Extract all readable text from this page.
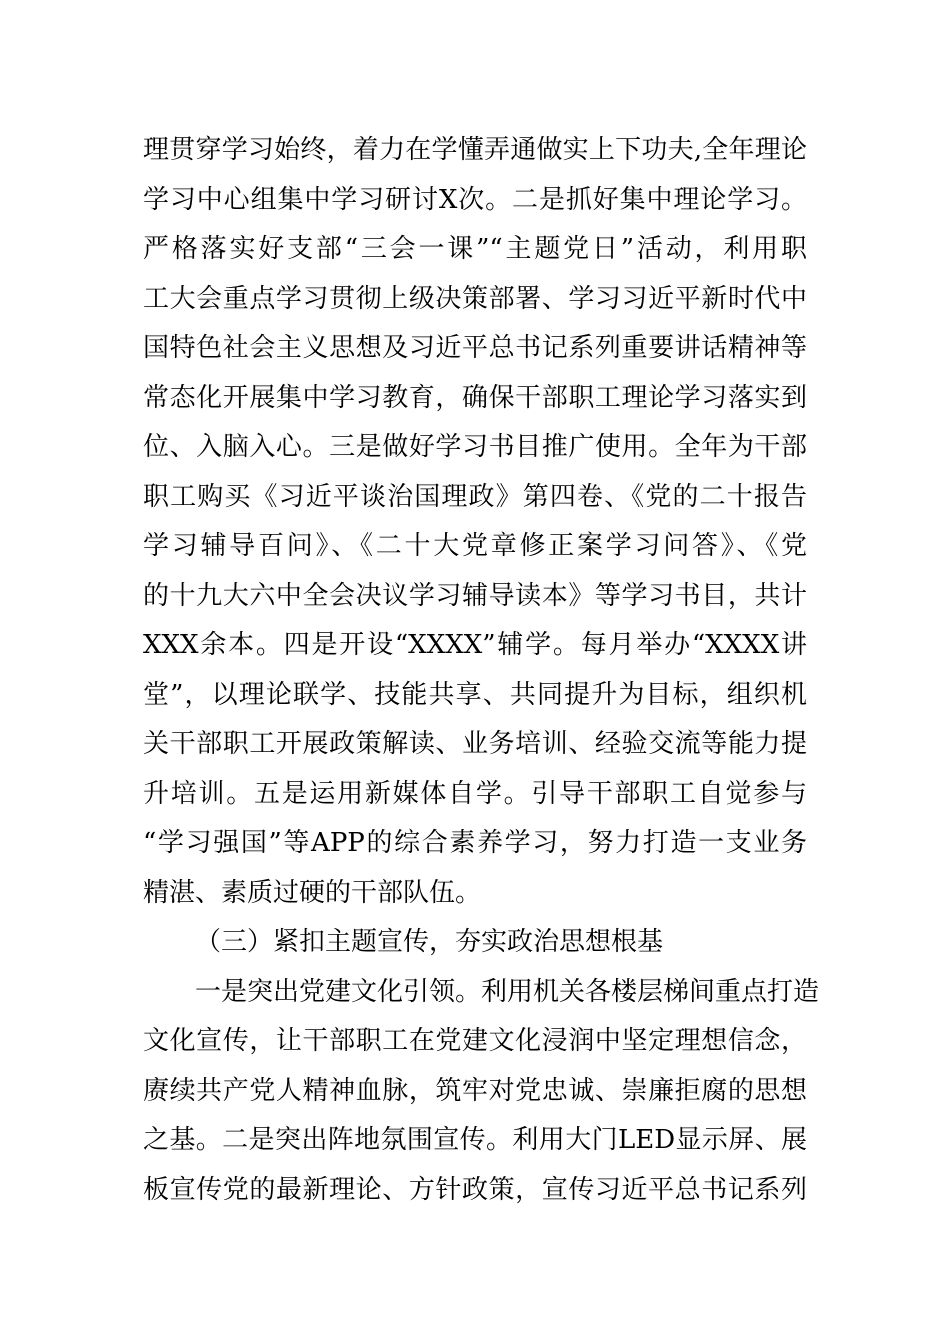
理贯穿学习始终，着力在学懂弄通做实上下功夫,全年理论
学习中心组集中学习研讨X次。二是抓好集中理论学习。
严格落实好支部“三会一课”“主题党日”活动，利用职
工大会重点学习贯彻上级决策部署、学习习近平新时代中
国特色社会主义思想及习近平总书记系列重要讲话精神等
常态化开展集中学习教育，确保干部职工理论学习落实到
位、入脑入心。三是做好学习书目推广使用。全年为干部
职工购买《习近平谈治国理政》第四卷、《党的二十报告
学习辅导百问》、《二十大党章修正案学习问答》、《党
的十九大六中全会决议学习辅导读本》等学习书目，共计
XXX余本。四是开设“XXXX”辅学。每月举办“XXXX讲
堂”，以理论联学、技能共享、共同提升为目标，组织机
关干部职工开展政策解读、业务培训、经验交流等能力提
升培训。五是运用新媒体自学。引导干部职工自觉参与
“学习强国”等APP的综合素养学习，努力打造一支业务
精湛、素质过硬的干部队伍。
（三）紧扣主题宣传，夯实政治思想根基
一是突出党建文化引领。利用机关各楼层梯间重点打造
文化宣传，让干部职工在党建文化浸润中坚定理想信念，
赓续共产党人精神血脉，筑牢对党忠诚、崇廉拒腐的思想
之基。二是突出阵地氛围宣传。利用大门LED显示屏、展
板宣传党的最新理论、方针政策，宣传习近平总书记系列
